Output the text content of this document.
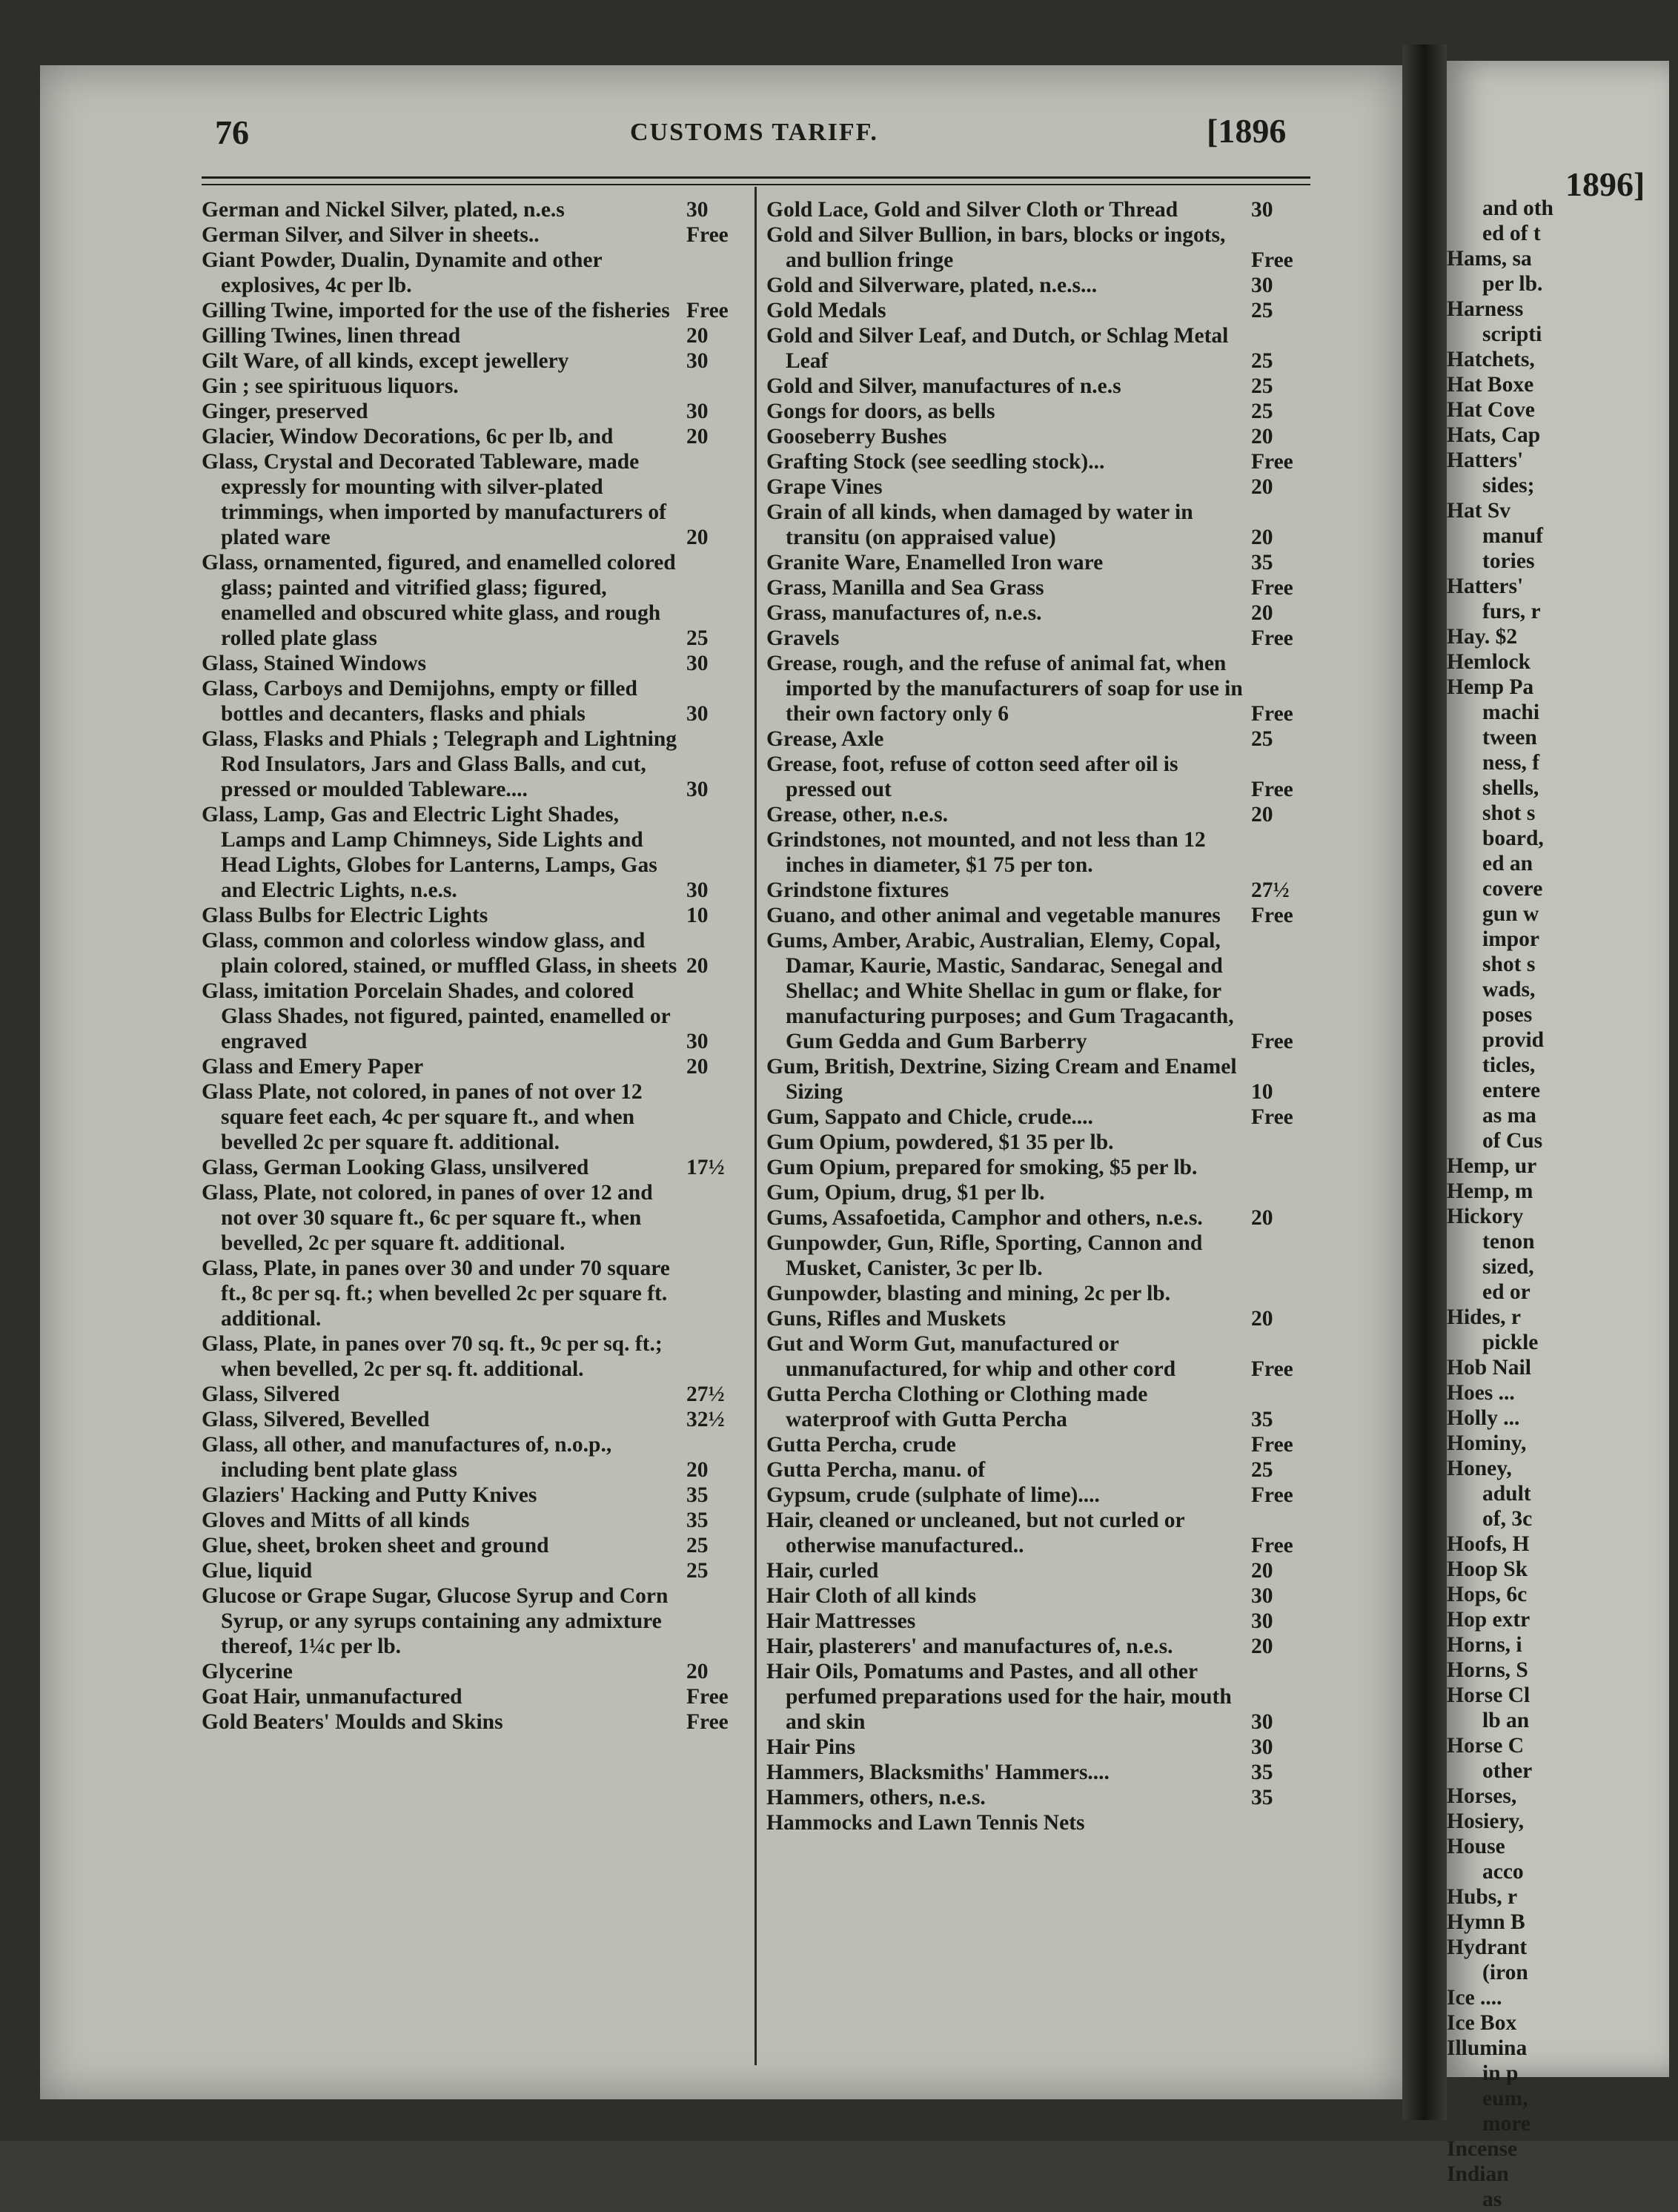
1896]
and oth
ed of t
Hams, sa
per lb.
Harness
scripti
Hatchets,
Hat Boxe
Hat Cove
Hats, Cap
Hatters'
sides;
Hat Sv
manuf
tories
Hatters'
furs, r
Hay. $2
Hemlock
Hemp Pa
machi
tween
ness, f
shells,
shot s
board,
ed an
covere
gun w
impor
shot s
wads,
poses
provid
ticles,
entere
as ma
of Cus
Hemp, ur
Hemp, m
Hickory
tenon
sized,
ed or
Hides, r
pickle
Hob Nail
Hoes ...
Holly ...
Hominy,
Honey,
adult
of, 3c
Hoofs, H
Hoop Sk
Hops, 6c
Hop extr
Horns, i
Horns, S
Horse Cl
lb an
Horse C
other
Horses,
Hosiery,
House
acco
Hubs, r
Hymn B
Hydrant
(iron
Ice ....
Ice Box
Illumina
in p
eum,
more
Incense
Indian
as
76	CUSTOMS TARIFF.	[1896
German and Nickel Silver, plated, n.e.s	30
German Silver, and Silver in sheets..	Free
Giant Powder, Dualin, Dynamite and other explosives, 4c per lb.
Gilling Twine, imported for the use of the fisheries Free
Gilling Twines, linen thread	20
Gilt Ware, of all kinds, except jewellery	30
Gin ; see spirituous liquors.
Ginger, preserved	30
Glacier, Window Decorations, 6c per lb, and	20
Glass, Crystal and Decorated Tableware, made expressly for mounting with silver-plated trimmings, when imported by manufacturers of plated ware	20
Glass, ornamented, figured, and enamelled colored glass; painted and vitrified glass; figured, enamelled and obscured white glass, and rough rolled plate glass	25
Glass, Stained Windows	30
Glass, Carboys and Demijohns, empty or filled bottles and decanters, flasks and phials	30
Glass, Flasks and Phials ; Telegraph and Lightning Rod Insulators, Jars and Glass Balls, and cut, pressed or moulded Tableware....	30
Glass, Lamp, Gas and Electric Light Shades, Lamps and Lamp Chimneys, Side Lights and Head Lights, Globes for Lanterns, Lamps, Gas and Electric Lights, n.e.s.	30
Glass Bulbs for Electric Lights	10
Glass, common and colorless window glass, and plain colored, stained, or muffled Glass, in sheets 20
Glass, imitation Porcelain Shades, and colored Glass Shades, not figured, painted, enamelled or engraved	30
Glass and Emery Paper	20
Glass Plate, not colored, in panes of not over 12 square feet each, 4c per square ft., and when bevelled 2c per square ft. additional.
Glass, German Looking Glass, unsilvered	17½
Glass, Plate, not colored, in panes of over 12 and not over 30 square ft., 6c per square ft., when bevelled, 2c per square ft. additional.
Glass, Plate, in panes over 30 and under 70 square ft., 8c per sq. ft.; when bevelled 2c per square ft. additional.
Glass, Plate, in panes over 70 sq. ft., 9c per sq. ft.; when bevelled, 2c per sq. ft. additional.
Glass, Silvered	27½
Glass, Silvered, Bevelled	32½
Glass, all other, and manufactures of, n.o.p., including bent plate glass	20
Glaziers' Hacking and Putty Knives	35
Gloves and Mitts of all kinds	35
Glue, sheet, broken sheet and ground	25
Glue, liquid	25
Glucose or Grape Sugar, Glucose Syrup and Corn Syrup, or any syrups containing any admixture thereof, 1¼c per lb.
Glycerine	20
Goat Hair, unmanufactured	Free
Gold Beaters' Moulds and Skins	Free
Gold Lace, Gold and Silver Cloth or Thread	30
Gold and Silver Bullion, in bars, blocks or ingots, and bullion fringe	Free
Gold and Silverware, plated, n.e.s...	30
Gold Medals	25
Gold and Silver Leaf, and Dutch, or Schlag Metal Leaf	25
Gold and Silver, manufactures of n.e.s	25
Gongs for doors, as bells	25
Gooseberry Bushes	20
Grafting Stock (see seedling stock)...	Free
Grape Vines	20
Grain of all kinds, when damaged by water in transitu (on appraised value)	20
Granite Ware, Enamelled Iron ware	35
Grass, Manilla and Sea Grass	Free
Grass, manufactures of, n.e.s.	20
Gravels	Free
Grease, rough, and the refuse of animal fat, when imported by the manufacturers of soap for use in their own factory only 6	Free
Grease, Axle	25
Grease, foot, refuse of cotton seed after oil is pressed out	Free
Grease, other, n.e.s.	20
Grindstones, not mounted, and not less than 12 inches in diameter, $1 75 per ton.
Grindstone fixtures	27½
Guano, and other animal and vegetable manures	Free
Gums, Amber, Arabic, Australian, Elemy, Copal, Damar, Kaurie, Mastic, Sandarac, Senegal and Shellac; and White Shellac in gum or flake, for manufacturing purposes; and Gum Tragacanth, Gum Gedda and Gum Barberry	Free
Gum, British, Dextrine, Sizing Cream and Enamel Sizing	10
Gum, Sappato and Chicle, crude....	Free
Gum Opium, powdered, $1 35 per lb.
Gum Opium, prepared for smoking, $5 per lb.
Gum, Opium, drug, $1 per lb.
Gums, Assafoetida, Camphor and others, n.e.s.	20
Gunpowder, Gun, Rifle, Sporting, Cannon and Musket, Canister, 3c per lb.
Gunpowder, blasting and mining, 2c per lb.
Guns, Rifles and Muskets	20
Gut and Worm Gut, manufactured or unmanufactured, for whip and other cord	Free
Gutta Percha Clothing or Clothing made waterproof with Gutta Percha	35
Gutta Percha, crude	Free
Gutta Percha, manu. of	25
Gypsum, crude (sulphate of lime)....	Free
Hair, cleaned or uncleaned, but not curled or otherwise manufactured..	Free
Hair, curled	20
Hair Cloth of all kinds	30
Hair Mattresses	30
Hair, plasterers' and manufactures of, n.e.s.	20
Hair Oils, Pomatums and Pastes, and all other perfumed preparations used for the hair, mouth and skin	30
Hair Pins	30
Hammers, Blacksmiths' Hammers....	35
Hammers, others, n.e.s.	35
Hammocks and Lawn Tennis Nets
